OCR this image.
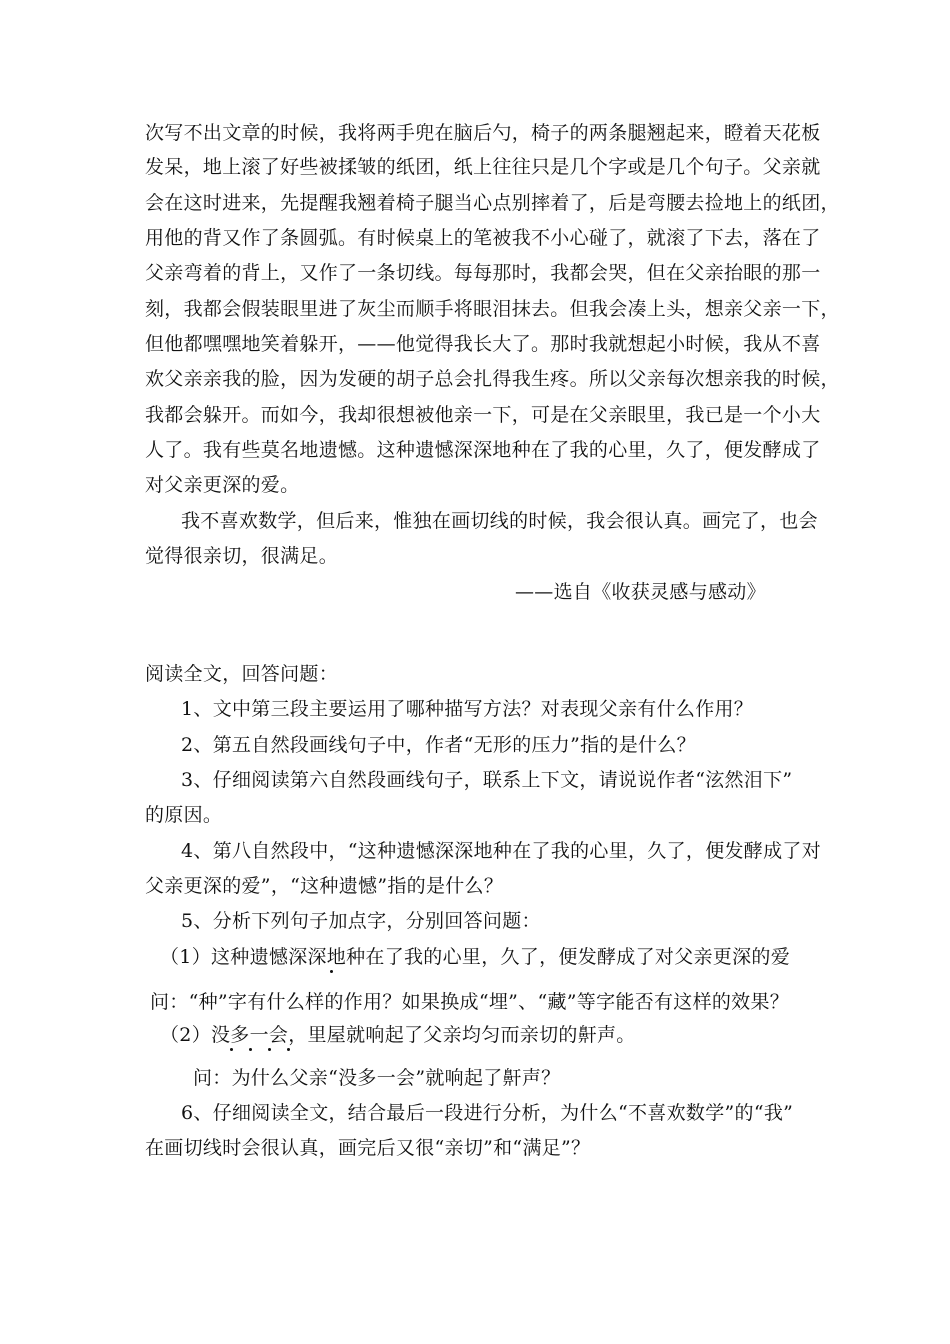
次写不出文章的时候，我将两手兜在脑后勺，椅子的两条腿翘起来，瞪着天花板
发呆，地上滚了好些被揉皱的纸团，纸上往往只是几个字或是几个句子。父亲就
会在这时进来，先提醒我翘着椅子腿当心点别摔着了，后是弯腰去捡地上的纸团，
用他的背又作了条圆弧。有时候桌上的笔被我不小心碰了，就滚了下去，落在了
父亲弯着的背上，又作了一条切线。每每那时，我都会哭，但在父亲抬眼的那一
刻，我都会假装眼里进了灰尘而顺手将眼泪抹去。但我会凑上头，想亲父亲一下，
但他都嘿嘿地笑着躲开，——他觉得我长大了。那时我就想起小时候，我从不喜
欢父亲亲我的脸，因为发硬的胡子总会扎得我生疼。所以父亲每次想亲我的时候，
我都会躲开。而如今，我却很想被他亲一下，可是在父亲眼里，我已是一个小大
人了。我有些莫名地遗憾。这种遗憾深深地种在了我的心里，久了，便发酵成了
对父亲更深的爱。
我不喜欢数学，但后来，惟独在画切线的时候，我会很认真。画完了，也会
觉得很亲切，很满足。
——选自《收获灵感与感动》
阅读全文，回答问题：
1、文中第三段主要运用了哪种描写方法？对表现父亲有什么作用？
2、第五自然段画线句子中，作者“无形的压力”指的是什么？
3、仔细阅读第六自然段画线句子，联系上下文，请说说作者“泫然泪下”
的原因。
4、第八自然段中，“这种遗憾深深地种在了我的心里，久了，便发酵成了对
父亲更深的爱”，“这种遗憾”指的是什么？
5、分析下列句子加点字，分别回答问题：
（1）这种遗憾深深地种在了我的心里，久了，便发酵成了对父亲更深的爱
问：“种”字有什么样的作用？如果换成“埋”、“藏”等字能否有这样的效果？
（2）没多一会，里屋就响起了父亲均匀而亲切的鼾声。
问：为什么父亲“没多一会”就响起了鼾声？
6、仔细阅读全文，结合最后一段进行分析，为什么“不喜欢数学”的“我”
在画切线时会很认真，画完后又很“亲切”和“满足”？
